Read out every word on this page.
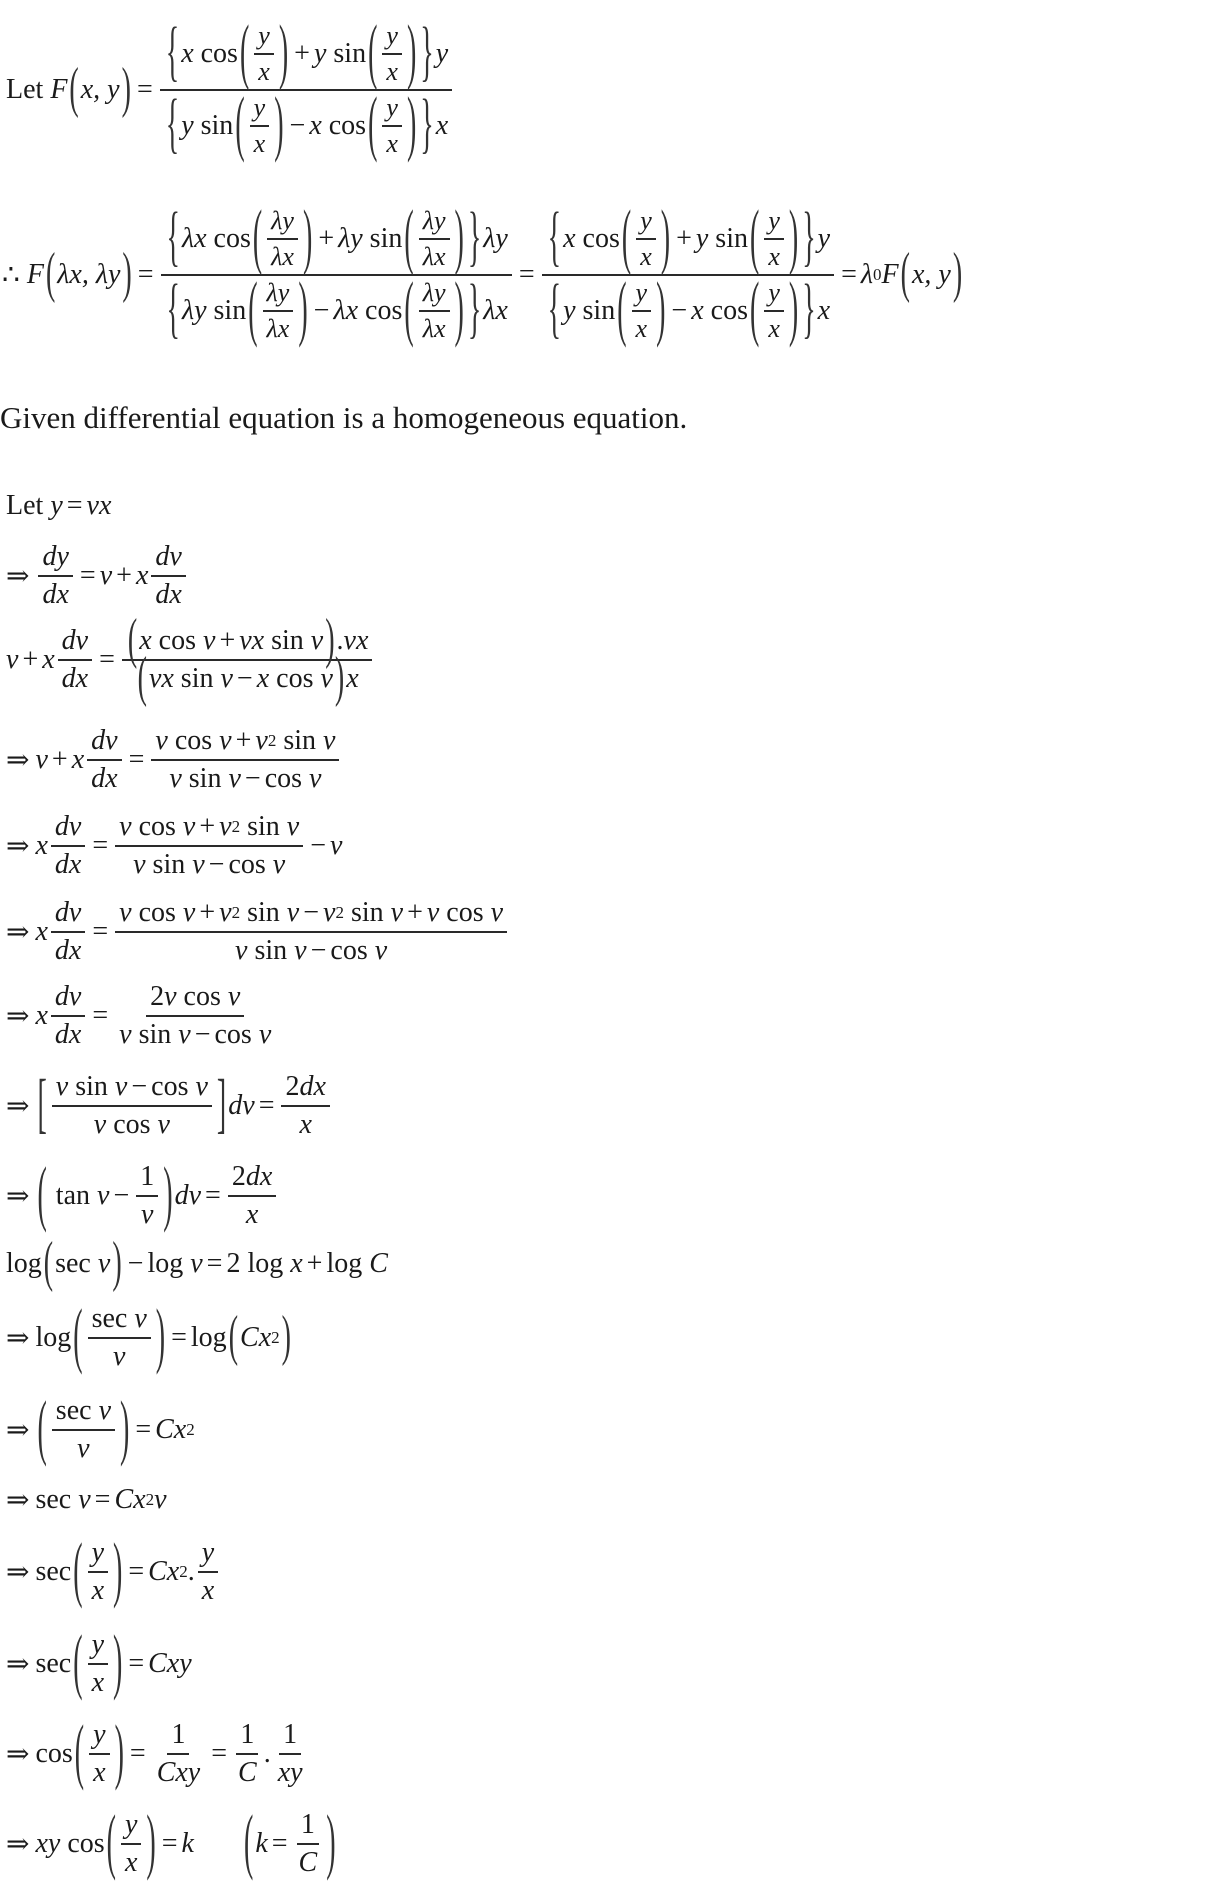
Let
F ( x, y ) = { x
cos ( $\frac{y}{x}$ ) + y
sin ( $\frac{y}{x}$ ) } y
{ y
sin ( $\frac{y}{x}$ ) − x
cos ( $\frac{y}{x}$ ) } x
∴
F ( λx, λy ) = { λx
cos ( $\frac{\lambda y}{\lambda x}$ ) + λy
sin ( $\frac{\lambda y}{\lambda x}$ ) } λy
{ λy
sin ( $\frac{\lambda y}{\lambda x}$ ) − λx
cos ( $\frac{\lambda y}{\lambda x}$ ) } λx = { x
cos ( $\frac{y}{x}$ ) + y
sin ( $\frac{y}{x}$ ) } y
{ y
sin ( $\frac{y}{x}$ ) − x
cos ( $\frac{y}{x}$ ) } x = λ 0 F ( x, y )
Given differential equation is a homogeneous equation.
Let
y = vx
⇒ $\frac{dy}{dx} = v + x \frac{dv}{dx}$
v + x $\frac{dv}{dx} = \frac{\text{( x cos v + vx sin v ) . vx}}{\text{( vx sin v − x cos v ) x}}$
⇒ v + x $\frac{dv}{dx} = \frac{\text{v cos v + v 2 sin v}}{\text{v sin v − cos v}}$
⇒ x $\frac{dv}{dx} = \frac{\text{v cos v + v 2 sin v}}{\text{v sin v − cos v}} - v$
⇒ x $\frac{dv}{dx} = \frac{\text{v cos v + v 2 sin v − v 2 sin v + v cos v}}{\text{v sin v − cos v}}$
⇒ x $\frac{dv}{dx} = \frac{\text{2 v cos v}}{\text{v sin v − cos v}}$
⇒ [ $\frac{\text{v sin v − cos v}}{\text{v cos v}}$ ] dv = $\frac{2 dx}{x}$
⇒ ( $\tan v - \frac{1}{v}$ ) dv = $\frac{2 dx}{x}$
log ( sec v ) − log v = 2 log x + log C
⇒ log ( $\frac{\text{sec v}}{v}$ ) = log ( Cx 2 )
⇒ ( $\frac{\text{sec v}}{v}$ ) = Cx 2
⇒ sec v = Cx 2 v
⇒ sec ( $\frac{y}{x}$ ) = Cx 2 . $\frac{y}{x}$
⇒ sec ( $\frac{y}{x}$ ) = Cxy
⇒ cos ( $\frac{y}{x}$ ) = $\frac{1}{\text{Cxy}} = \frac{1}{C}$ . $\frac{1}{xy}$
⇒ xy cos ( $\frac{y}{x}$ ) = k ( $k = \frac{1}{C}$ )
